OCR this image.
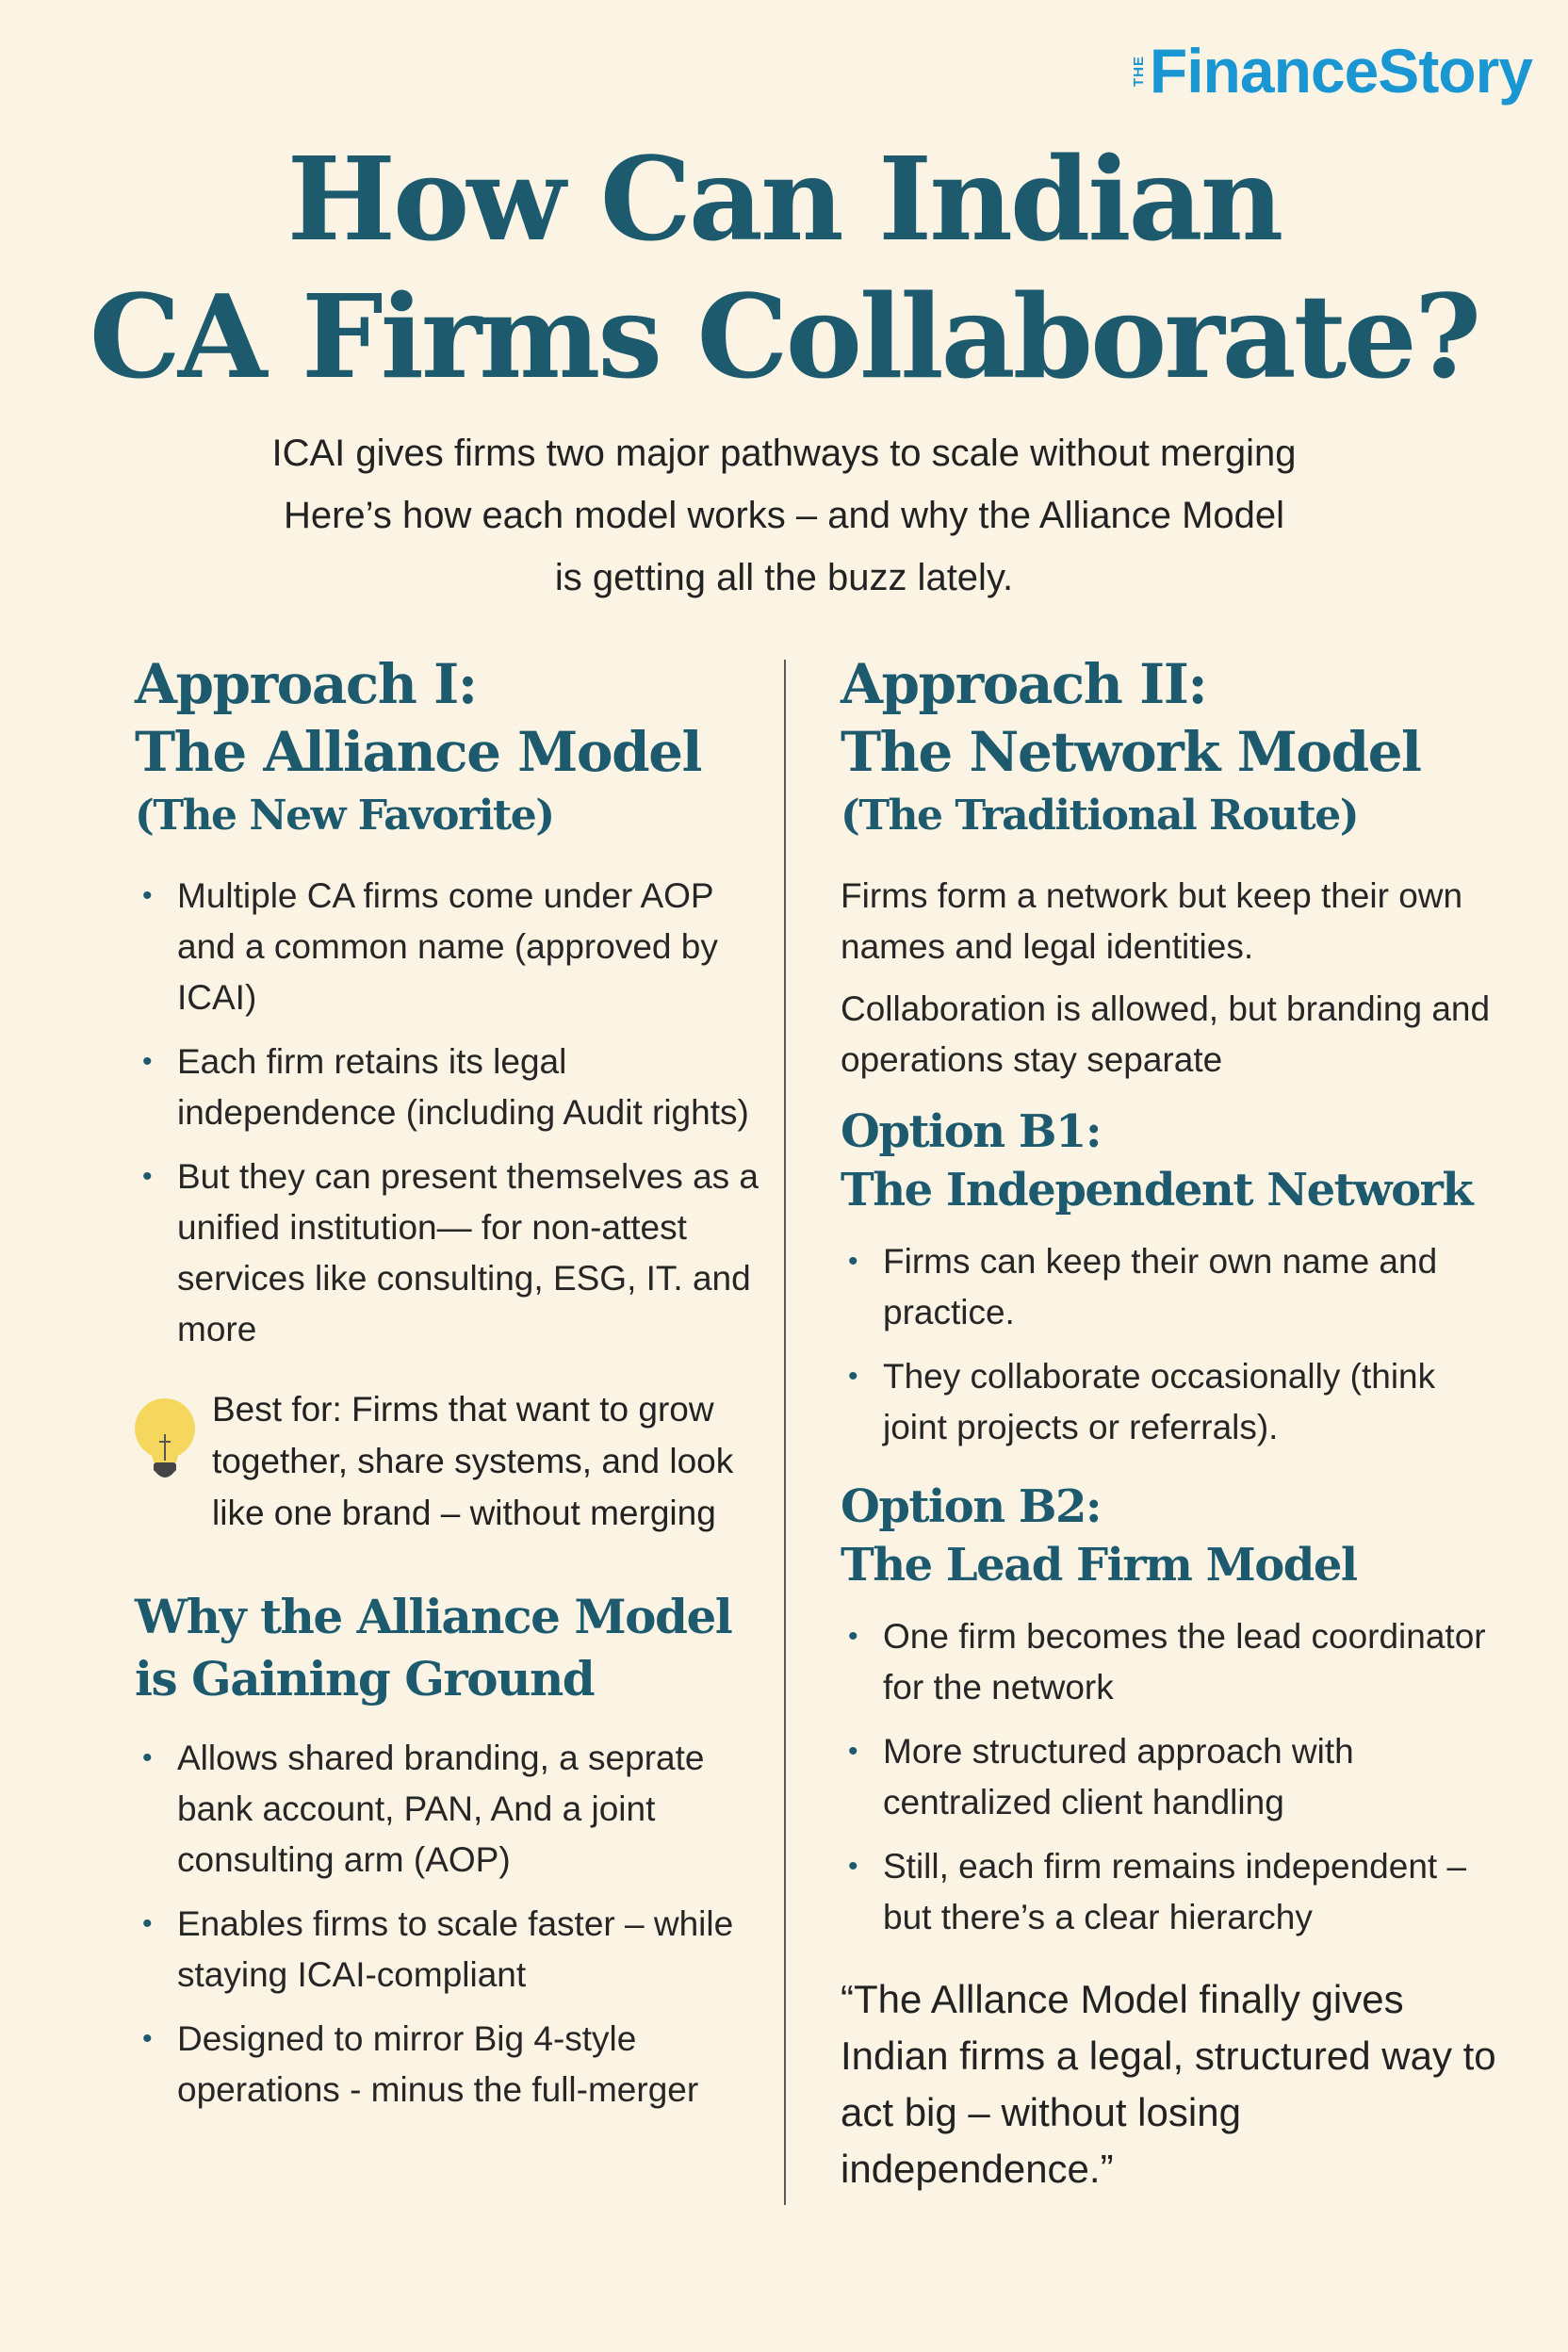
THE FinanceStory
How Can Indian
CA Firms Collaborate?

ICAI gives firms two major pathways to scale without merging
Here’s how each model works – and why the Alliance Model
is getting all the buzz lately.

Approach I:
The Alliance Model
(The New Favorite)
• Multiple CA firms come under AOP and a common name (approved by ICAI)
• Each firm retains its legal independence (including Audit rights)
• But they can present themselves as a unified institution— for non-attest services like consulting, ESG, IT. and more

Best for: Firms that want to grow together, share systems, and look like one brand – without merging

Why the Alliance Model
is Gaining Ground
• Allows shared branding, a seprate bank account, PAN, And a joint consulting arm (AOP)
• Enables firms to scale faster – while staying ICAI-compliant
• Designed to mirror Big 4-style operations - minus the full-merger
Approach II:
The Network Model
(The Traditional Route)

Firms form a network but keep their own names and legal identities.

Collaboration is allowed, but branding and operations stay separate

Option B1:
The Independent Network
• Firms can keep their own name and practice.
• They collaborate occasionally (think joint projects or referrals).
Option B2:
The Lead Firm Model
• One firm becomes the lead coordinator for the network
• More structured approach with centralized client handling
• Still, each firm remains independent – but there’s a clear hierarchy

“The Alllance Model finally gives Indian firms a legal, structured way to act big – without losing independence.”
